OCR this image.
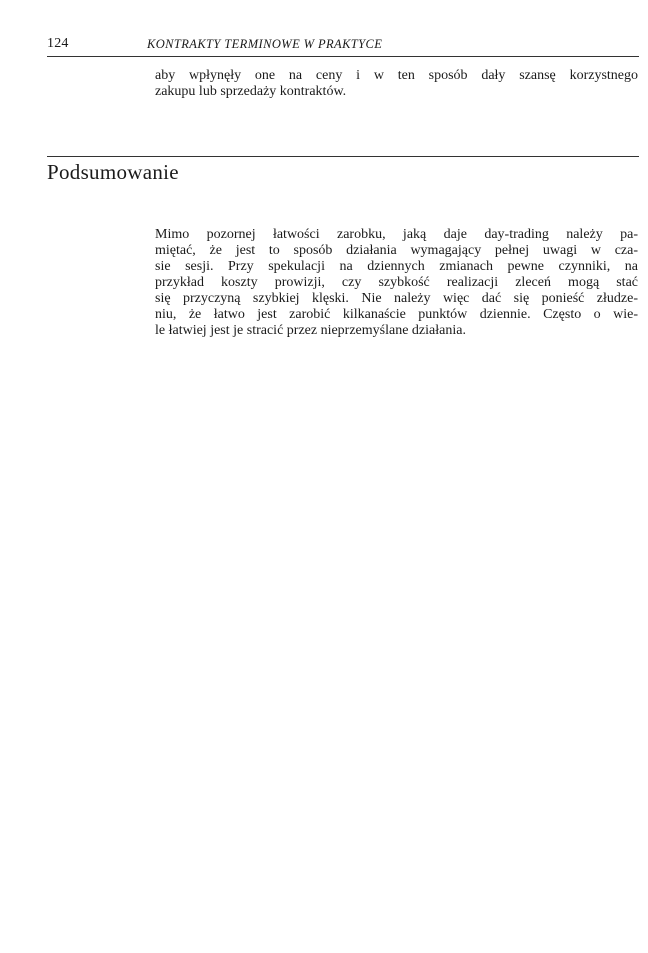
124	KONTRAKTY TERMINOWE W PRAKTYCE

aby wpłynęły one na ceny i w ten sposób dały szansę korzystnego
zakupu lub sprzedaży kontraktów.

Podsumowanie

Mimo pozornej łatwości zarobku, jaką daje day-trading należy pa-
miętać, że jest to sposób działania wymagający pełnej uwagi w cza-
sie sesji. Przy spekulacji na dziennych zmianach pewne czynniki, na
przykład koszty prowizji, czy szybkość realizacji zleceń mogą stać
się przyczyną szybkiej klęski. Nie należy więc dać się ponieść złudze-
niu, że łatwo jest zarobić kilkanaście punktów dziennie. Często o wie-
le łatwiej jest je stracić przez nieprzemyślane działania.
